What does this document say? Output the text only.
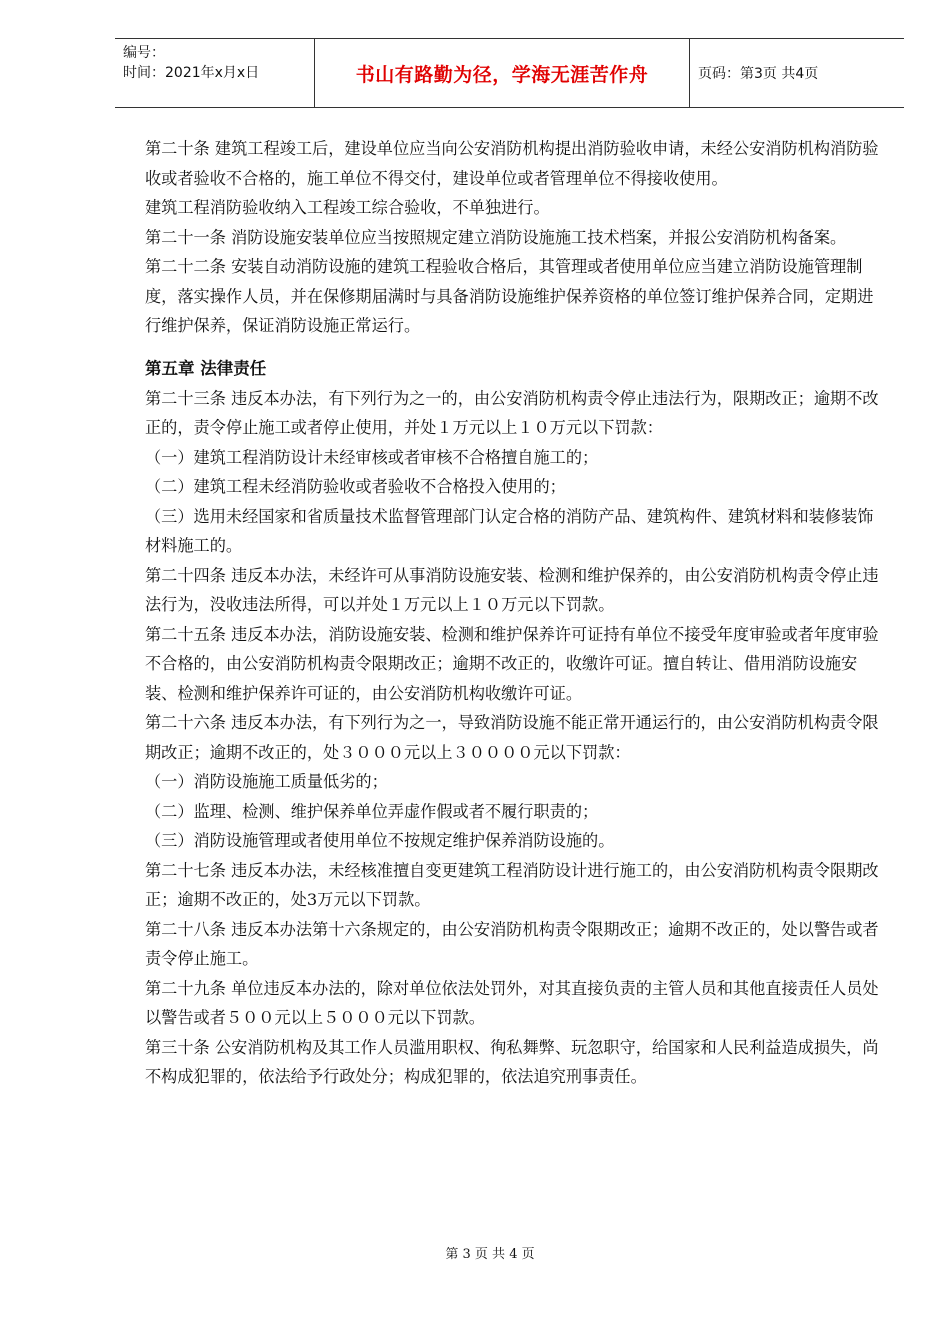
编号：
时间：2021年x月x日	书山有路勤为径，学海无涯苦作舟	页码：第3页 共4页

第二十条 建筑工程竣工后，建设单位应当向公安消防机构提出消防验收申请，未经公安消防机构消防验收或者验收不合格的，施工单位不得交付，建设单位或者管理单位不得接收使用。

建筑工程消防验收纳入工程竣工综合验收，不单独进行。

第二十一条 消防设施安装单位应当按照规定建立消防设施施工技术档案，并报公安消防机构备案。

第二十二条 安装自动消防设施的建筑工程验收合格后，其管理或者使用单位应当建立消防设施管理制度，落实操作人员，并在保修期届满时与具备消防设施维护保养资格的单位签订维护保养合同，定期进行维护保养，保证消防设施正常运行。

第五章 法律责任

第二十三条 违反本办法，有下列行为之一的，由公安消防机构责令停止违法行为，限期改正；逾期不改正的，责令停止施工或者停止使用，并处１万元以上１０万元以下罚款：

（一）建筑工程消防设计未经审核或者审核不合格擅自施工的；

（二）建筑工程未经消防验收或者验收不合格投入使用的；

（三）选用未经国家和省质量技术监督管理部门认定合格的消防产品、建筑构件、建筑材料和装修装饰材料施工的。

第二十四条 违反本办法，未经许可从事消防设施安装、检测和维护保养的，由公安消防机构责令停止违法行为，没收违法所得，可以并处１万元以上１０万元以下罚款。

第二十五条 违反本办法，消防设施安装、检测和维护保养许可证持有单位不接受年度审验或者年度审验不合格的，由公安消防机构责令限期改正；逾期不改正的，收缴许可证。擅自转让、借用消防设施安装、检测和维护保养许可证的，由公安消防机构收缴许可证。

第二十六条 违反本办法，有下列行为之一，导致消防设施不能正常开通运行的，由公安消防机构责令限期改正；逾期不改正的，处３０００元以上３００００元以下罚款：

（一）消防设施施工质量低劣的；

（二）监理、检测、维护保养单位弄虚作假或者不履行职责的；

（三）消防设施管理或者使用单位不按规定维护保养消防设施的。

第二十七条 违反本办法，未经核准擅自变更建筑工程消防设计进行施工的，由公安消防机构责令限期改正；逾期不改正的，处3万元以下罚款。

第二十八条 违反本办法第十六条规定的，由公安消防机构责令限期改正；逾期不改正的，处以警告或者责令停止施工。

第二十九条 单位违反本办法的，除对单位依法处罚外，对其直接负责的主管人员和其他直接责任人员处以警告或者５００元以上５０００元以下罚款。

第三十条 公安消防机构及其工作人员滥用职权、徇私舞弊、玩忽职守，给国家和人民利益造成损失，尚不构成犯罪的，依法给予行政处分；构成犯罪的，依法追究刑事责任。

第 3 页 共 4 页
